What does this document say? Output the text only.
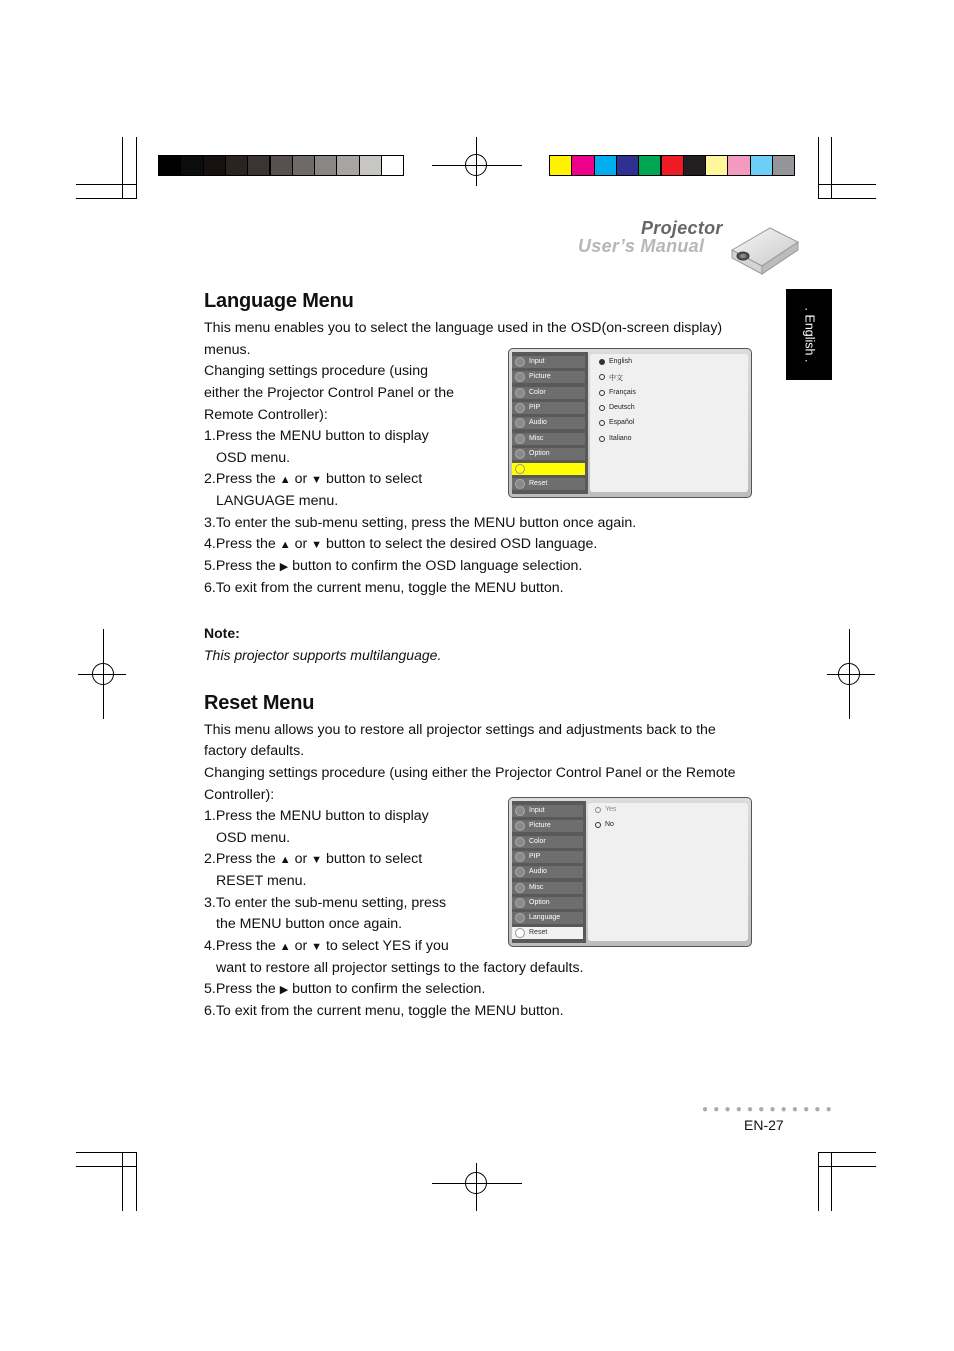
Projector
User’s Manual
. English .
Language Menu
This menu enables you to select the language used in the OSD(on-screen display)
menus.
Changing settings procedure (using
either the Projector Control Panel or the
Remote Controller):
1.Press the MENU button to display
OSD menu.
2.Press the ▲ or ▼ button to select
LANGUAGE menu.
3.To enter the sub-menu setting, press the MENU button once again.
4.Press the ▲ or ▼ button to select the desired OSD language.
5.Press the ▶ button to confirm the OSD language selection.
6.To exit from the current menu, toggle the MENU button.
Note:
This projector supports multilanguage.
Input
Picture
Color
PIP
Audio
Misc
Option
Language
Reset
English
中文
Français
Deutsch
Español
Italiano
Reset Menu
This menu allows you to restore all projector settings and adjustments back to the
factory defaults.
Changing settings procedure (using either the Projector Control Panel or the Remote
Controller):
1.Press the MENU button to display
OSD menu.
2.Press the ▲ or ▼ button to select
RESET menu.
3.To enter the sub-menu setting, press
the MENU button once again.
4.Press the ▲ or ▼ to select YES if you
want to restore all projector settings to the factory defaults.
5.Press the ▶ button to confirm the selection.
6.To exit from the current menu, toggle the MENU button.
Input
Picture
Color
PIP
Audio
Misc
Option
Language
Reset
Yes
No
●●●●●●●●●●●●
EN-27
